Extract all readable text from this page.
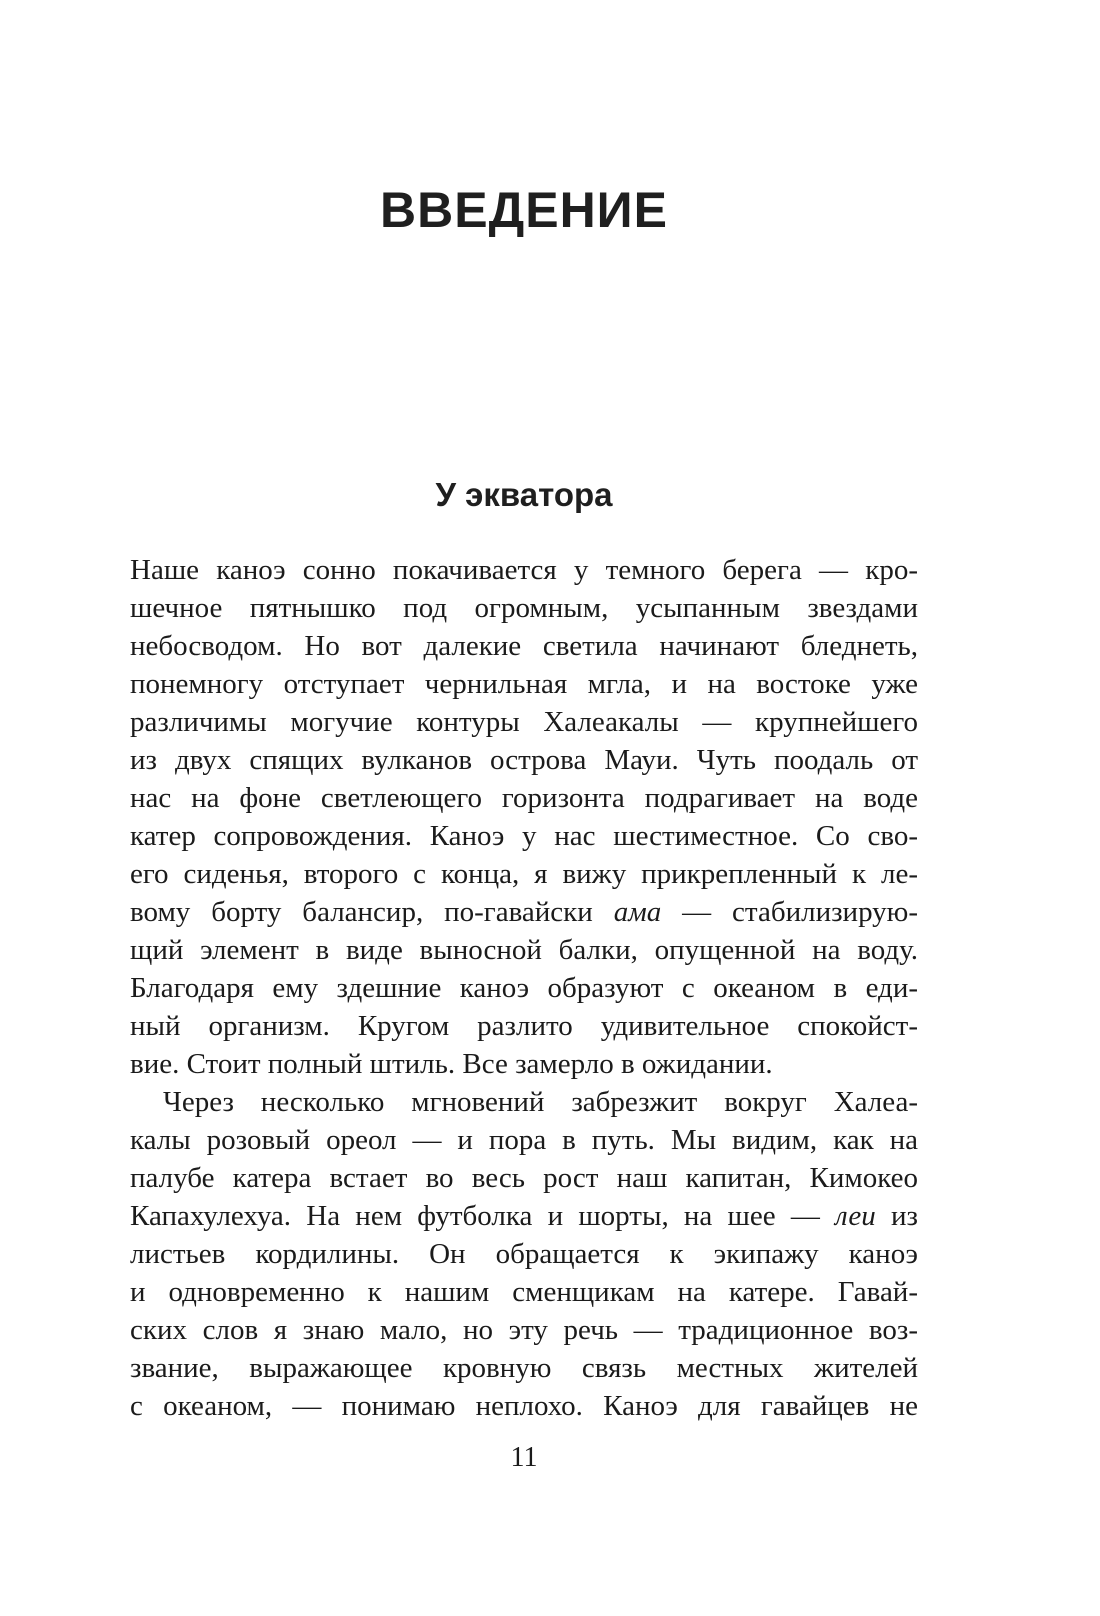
ВВЕДЕНИЕ
У экватора
Наше каноэ сонно покачивается у темного берега — кро-
шечное пятнышко под огромным, усыпанным звездами
небосводом. Но вот далекие светила начинают бледнеть,
понемногу отступает чернильная мгла, и на востоке уже
различимы могучие контуры Халеакалы — крупнейшего
из двух спящих вулканов острова Мауи. Чуть поодаль от
нас на фоне светлеющего горизонта подрагивает на воде
катер сопровождения. Каноэ у нас шестиместное. Со сво-
его сиденья, второго с конца, я вижу прикрепленный к ле-
вому борту балансир, по-гавайски ама — стабилизирую-
щий элемент в виде выносной балки, опущенной на воду.
Благодаря ему здешние каноэ образуют с океаном в еди-
ный организм. Кругом разлито удивительное спокойст-
вие. Стоит полный штиль. Все замерло в ожидании.
Через несколько мгновений забрезжит вокруг Халеа-
калы розовый ореол — и пора в путь. Мы видим, как на
палубе катера встает во весь рост наш капитан, Кимокео
Капахулехуа. На нем футболка и шорты, на шее — леи из
листьев кордилины. Он обращается к экипажу каноэ
и одновременно к нашим сменщикам на катере. Гавай-
ских слов я знаю мало, но эту речь — традиционное воз-
звание, выражающее кровную связь местных жителей
с океаном, — понимаю неплохо. Каноэ для гавайцев не
11
